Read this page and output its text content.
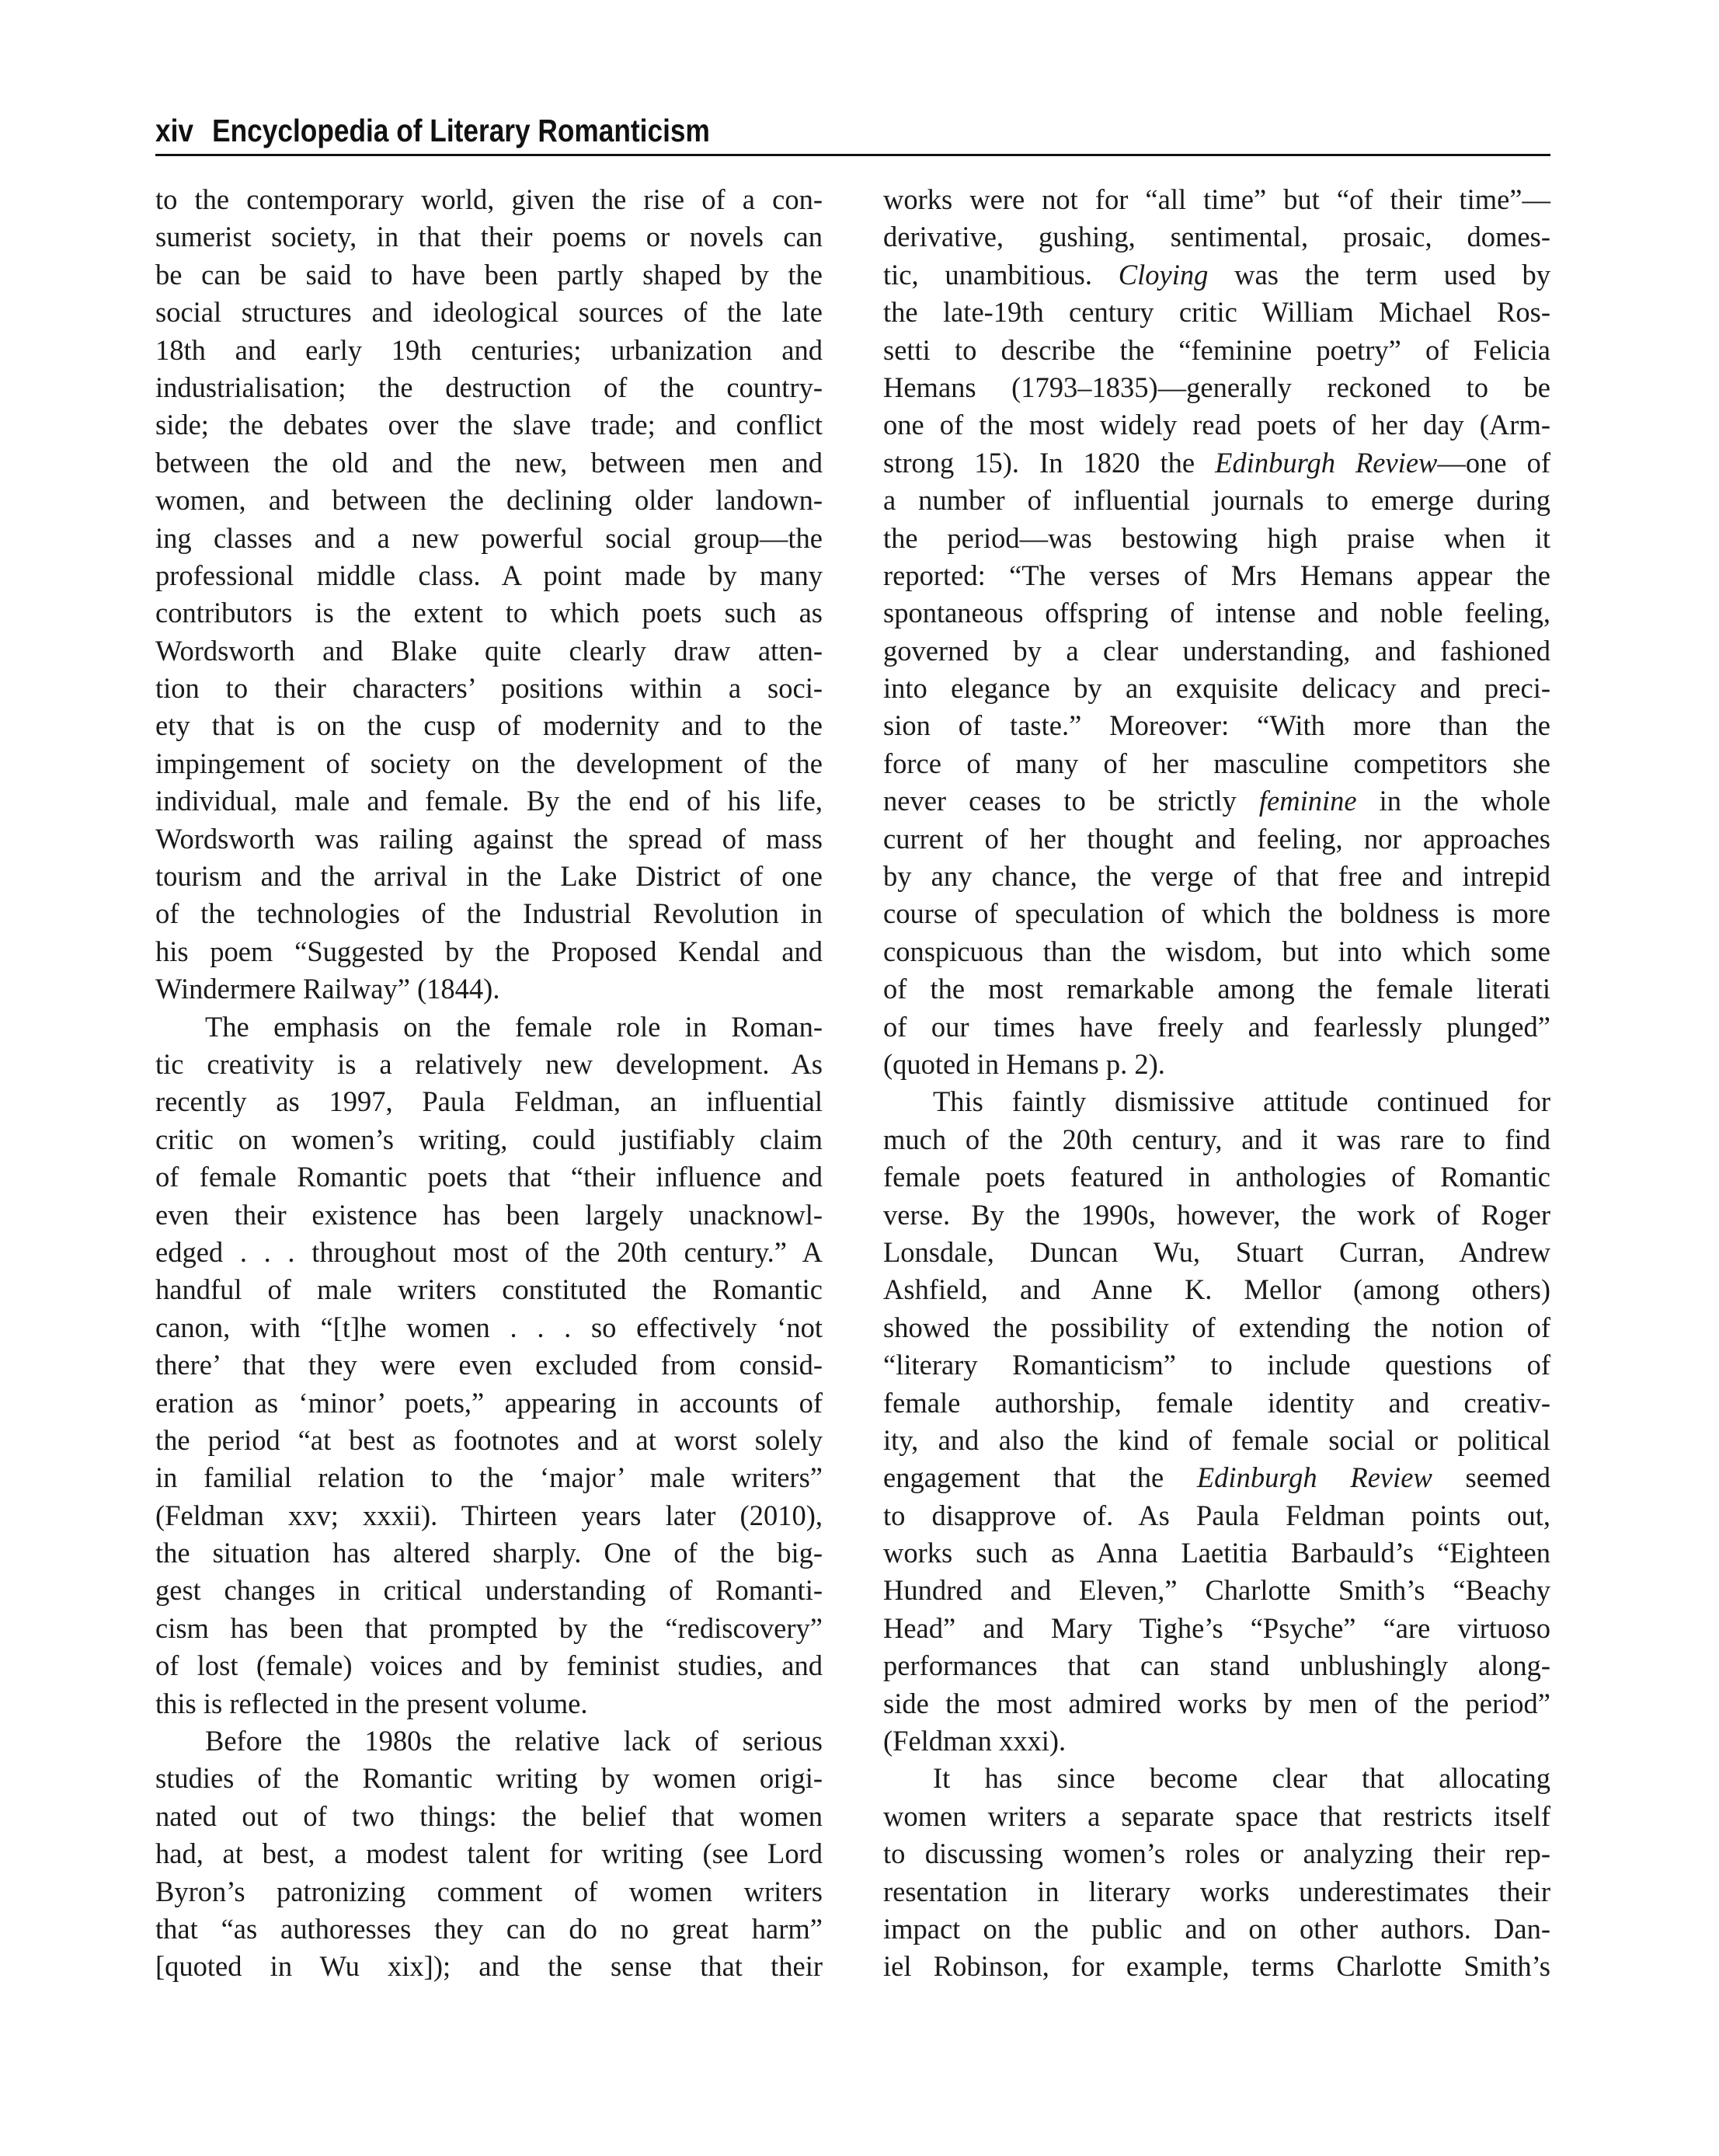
xiv Encyclopedia of Literary Romanticism
to the contemporary world, given the rise of a con-
sumerist society, in that their poems or novels can
be can be said to have been partly shaped by the
social structures and ideological sources of the late
18th and early 19th centuries; urbanization and
industrialisation; the destruction of the country-
side; the debates over the slave trade; and conflict
between the old and the new, between men and
women, and between the declining older landown-
ing classes and a new powerful social group—the
professional middle class. A point made by many
contributors is the extent to which poets such as
Wordsworth and Blake quite clearly draw atten-
tion to their characters’ positions within a soci-
ety that is on the cusp of modernity and to the
impingement of society on the development of the
individual, male and female. By the end of his life,
Wordsworth was railing against the spread of mass
tourism and the arrival in the Lake District of one
of the technologies of the Industrial Revolution in
his poem “Suggested by the Proposed Kendal and
Windermere Railway” (1844).
The emphasis on the female role in Roman-
tic creativity is a relatively new development. As
recently as 1997, Paula Feldman, an influential
critic on women’s writing, could justifiably claim
of female Romantic poets that “their influence and
even their existence has been largely unacknowl-
edged . . . throughout most of the 20th century.” A
handful of male writers constituted the Romantic
canon, with “[t]he women . . . so effectively ‘not
there’ that they were even excluded from consid-
eration as ‘minor’ poets,” appearing in accounts of
the period “at best as footnotes and at worst solely
in familial relation to the ‘major’ male writers”
(Feldman xxv; xxxii). Thirteen years later (2010),
the situation has altered sharply. One of the big-
gest changes in critical understanding of Romanti-
cism has been that prompted by the “rediscovery”
of lost (female) voices and by feminist studies, and
this is reflected in the present volume.
Before the 1980s the relative lack of serious
studies of the Romantic writing by women origi-
nated out of two things: the belief that women
had, at best, a modest talent for writing (see Lord
Byron’s patronizing comment of women writers
that “as authoresses they can do no great harm”
[quoted in Wu xix]); and the sense that their
works were not for “all time” but “of their time”—
derivative, gushing, sentimental, prosaic, domes-
tic, unambitious. Cloying was the term used by
the late-19th century critic William Michael Ros-
setti to describe the “feminine poetry” of Felicia
Hemans (1793–1835)—generally reckoned to be
one of the most widely read poets of her day (Arm-
strong 15). In 1820 the Edinburgh Review—one of
a number of influential journals to emerge during
the period—was bestowing high praise when it
reported: “The verses of Mrs Hemans appear the
spontaneous offspring of intense and noble feeling,
governed by a clear understanding, and fashioned
into elegance by an exquisite delicacy and preci-
sion of taste.” Moreover: “With more than the
force of many of her masculine competitors she
never ceases to be strictly feminine in the whole
current of her thought and feeling, nor approaches
by any chance, the verge of that free and intrepid
course of speculation of which the boldness is more
conspicuous than the wisdom, but into which some
of the most remarkable among the female literati
of our times have freely and fearlessly plunged”
(quoted in Hemans p. 2).
This faintly dismissive attitude continued for
much of the 20th century, and it was rare to find
female poets featured in anthologies of Romantic
verse. By the 1990s, however, the work of Roger
Lonsdale, Duncan Wu, Stuart Curran, Andrew
Ashfield, and Anne K. Mellor (among others)
showed the possibility of extending the notion of
“literary Romanticism” to include questions of
female authorship, female identity and creativ-
ity, and also the kind of female social or political
engagement that the Edinburgh Review seemed
to disapprove of. As Paula Feldman points out,
works such as Anna Laetitia Barbauld’s “Eighteen
Hundred and Eleven,” Charlotte Smith’s “Beachy
Head” and Mary Tighe’s “Psyche” “are virtuoso
performances that can stand unblushingly along-
side the most admired works by men of the period”
(Feldman xxxi).
It has since become clear that allocating
women writers a separate space that restricts itself
to discussing women’s roles or analyzing their rep-
resentation in literary works underestimates their
impact on the public and on other authors. Dan-
iel Robinson, for example, terms Charlotte Smith’s
